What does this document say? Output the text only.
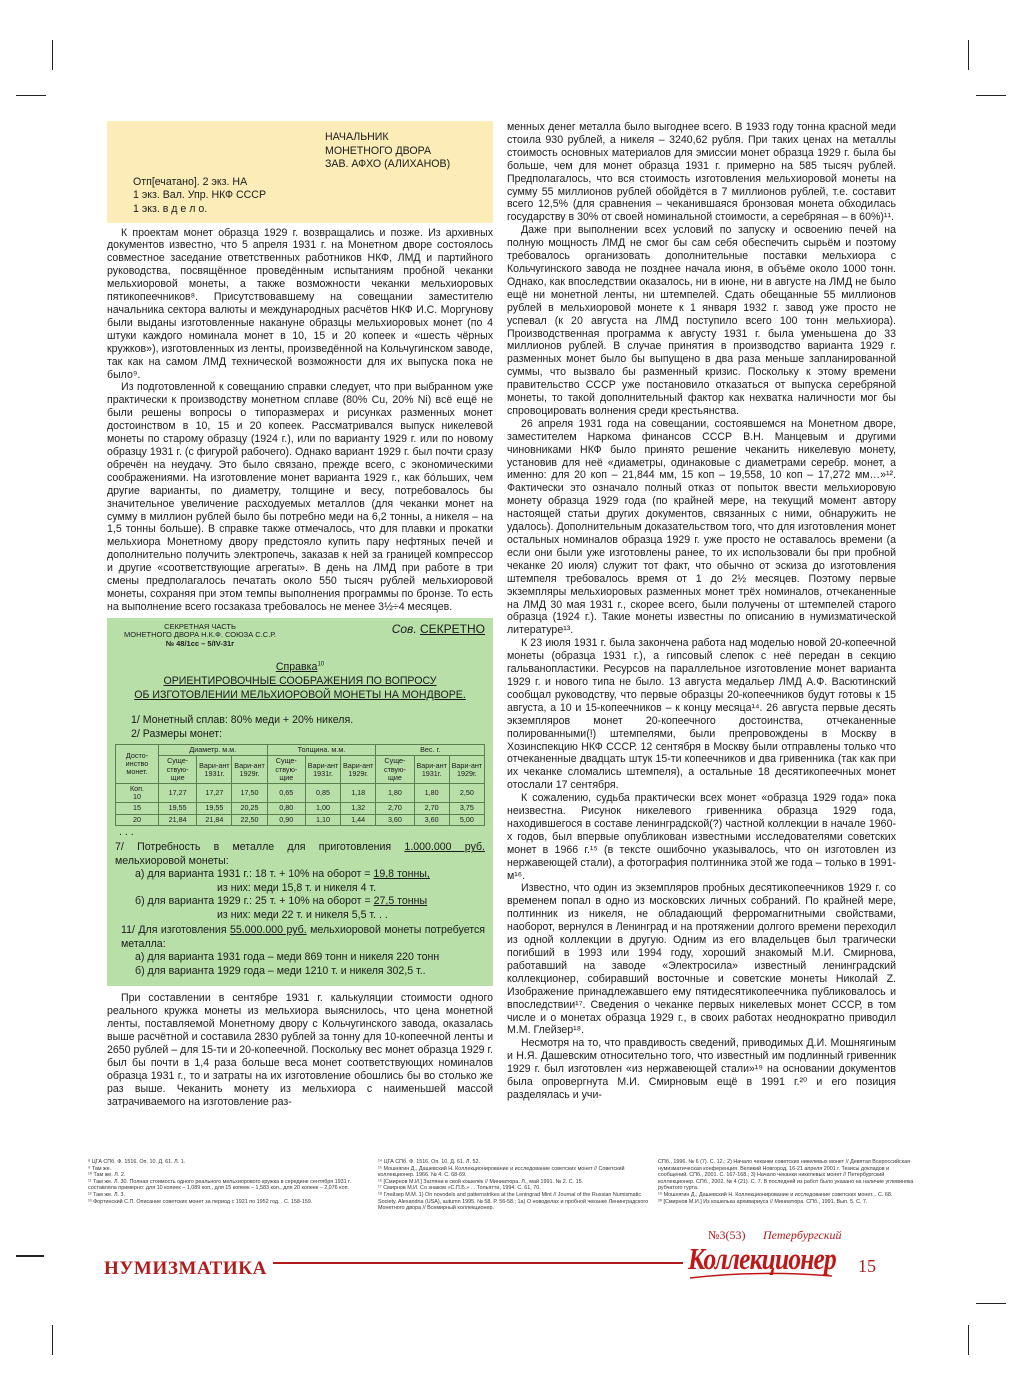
НАЧАЛЬНИК
МОНЕТНОГО ДВОРА
ЗАВ. АФХО (АЛИХАНОВ)
Отп[ечатано]. 2 экз. НА
1 экз. Вал. Упр. НКФ СССР
1 экз. в д е л о.

К проектам монет образца 1929 г. возвращались и позже. Из архивных документов известно, что 5 апреля 1931 г. на Монетном дворе состоялось совместное заседание ответственных работников НКФ, ЛМД и партийного руководства, посвящённое проведённым испытаниям пробной чеканки мельхиоровой монеты, а также возможности чеканки мельхиоровых пятикопеечников⁸. Присутствовавшему на совещании заместителю начальника сектора валюты и международных расчётов НКФ И.С. Моргунову были выданы изготовленные накануне образцы мельхиоровых монет (по 4 штуки каждого номинала монет в 10, 15 и 20 копеек и «шесть чёрных кружков»), изготовленных из ленты, произведённой на Кольчугинском заводе, так как на самом ЛМД технической возможности для их выпуска пока не было⁹.

Из подготовленной к совещанию справки следует, что при выбранном уже практически к производству монетном сплаве (80% Cu, 20% Ni) всё ещё не были решены вопросы о типоразмерах и рисунках разменных монет достоинством в 10, 15 и 20 копеек. Рассматривался выпуск никелевой монеты по старому образцу (1924 г.), или по варианту 1929 г. или по новому образцу 1931 г. (с фигурой рабочего). Однако вариант 1929 г. был почти сразу обречён на неудачу. Это было связано, прежде всего, с экономическими соображениями. На изготовление монет варианта 1929 г., как бо́льших, чем другие варианты, по диаметру, толщине и весу, потребовалось бы значительное увеличение расходуемых металлов (для чеканки монет на сумму в миллион рублей было бы потребно меди на 6,2 тонны, а никеля – на 1,5 тонны больше). В справке также отмечалось, что для плавки и прокатки мельхиора Монетному двору предстояло купить пару нефтяных печей и дополнительно получить электропечь, заказав к ней за границей компрессор и другие «соответствующие агрегаты». В день на ЛМД при работе в три смены предполагалось печатать около 550 тысяч рублей мельхиоровой монеты, сохраняя при этом темпы выполнения программы по бронзе. То есть на выполнение всего госзаказа требовалось не менее 3½÷4 месяцев.

СЕКРЕТНАЯ ЧАСТЬ
МОНЕТНОГО ДВОРА Н.К.Ф. СОЮЗА С.С.Р.
№ 48/1сс – 5/IV-31г
Сов. СЕКРЕТНО
Справка$^{10}$
ОРИЕНТИРОВОЧНЫЕ СООБРАЖЕНИЯ ПО ВОПРОСУ
ОБ ИЗГОТОВЛЕНИИ МЕЛЬХИОРОВОЙ МОНЕТЫ НА МОНДВОРЕ.
1/ Монетный сплав: 80% меди + 20% никеля.
2/ Размеры монет:
Досто-инство монет.	Диаметр. м.м.			Толщина. м.м.			Вес. г.		
	Суще-ствую-щие	Вари-ант 1931г.	Вари-ант 1929г.	Суще-ствую-щие	Вари-ант 1931г.	Вари-ант 1929г.	Суще-ствую-щие	Вари-ант 1931г.	Вари-ант 1929г.
Коп.
10	17,27	17,27	17,50	0,65	0,85	1,18	1,80	1,80	2,50
15	19,55	19,55	20,25	0,80	1,00	1,32	2,70	2,70	3,75
20	21,84	21,84	22,50	0,90	1,10	1,44	3,60	3,60	5,00
. . .
7/ Потребность в металле для приготовления 1.000.000 руб. мельхиоровой монеты:
а) для варианта 1931 г.: 18 т. + 10% на оборот = 19,8 тонны,
из них: меди 15,8 т. и никеля 4 т.
б) для варианта 1929 г.: 25 т. + 10% на оборот = 27,5 тонны
из них: меди 22 т. и никеля 5,5 т. . .
11/ Для изготовления 55.000.000 руб. мельхиоровой монеты потребуется металла:
а) для варианта 1931 года – меди 869 тонн и никеля 220 тонн
б) для варианта 1929 года – меди 1210 т. и никеля 302,5 т..

При составлении в сентябре 1931 г. калькуляции стоимости одного реального кружка монеты из мельхиора выяснилось, что цена монетной ленты, поставляемой Монетному двору с Кольчугинского завода, оказалась выше расчётной и составила 2830 рублей за тонну для 10-копеечной ленты и 2650 рублей – для 15-ти и 20-копеечной. Поскольку вес монет образца 1929 г. был бы почти в 1,4 раза больше веса монет соответствующих номиналов образца 1931 г., то и затраты на их изготовление обошлись бы во столько же раз выше. Чеканить монету из мельхиора с наименьшей массой затрачиваемого на изготовление раз-

менных денег металла было выгоднее всего. В 1933 году тонна красной меди стоила 930 рублей, а никеля – 3240,62 рубля. При таких ценах на металлы стоимость основных материалов для эмиссии монет образца 1929 г. была бы больше, чем для монет образца 1931 г. примерно на 585 тысяч рублей. Предполагалось, что вся стоимость изготовления мельхиоровой монеты на сумму 55 миллионов рублей обойдётся в 7 миллионов рублей, т.е. составит всего 12,5% (для сравнения – чеканившаяся бронзовая монета обходилась государству в 30% от своей номинальной стоимости, а серебряная – в 60%)¹¹.

Даже при выполнении всех условий по запуску и освоению печей на полную мощность ЛМД не смог бы сам себя обеспечить сырьём и поэтому требовалось организовать дополнительные поставки мельхиора с Кольчугинского завода не позднее начала июня, в объёме около 1000 тонн. Однако, как впоследствии оказалось, ни в июне, ни в августе на ЛМД не было ещё ни монетной ленты, ни штемпелей. Сдать обещанные 55 миллионов рублей в мельхиоровой монете к 1 января 1932 г. завод уже просто не успевал (к 20 августа на ЛМД поступило всего 100 тонн мельхиора). Производственная программа к августу 1931 г. была уменьшена до 33 миллионов рублей. В случае принятия в производство варианта 1929 г. разменных монет было бы выпущено в два раза меньше запланированной суммы, что вызвало бы разменный кризис. Поскольку к этому времени правительство СССР уже постановило отказаться от выпуска серебряной монеты, то такой дополнительный фактор как нехватка наличности мог бы спровоцировать волнения среди крестьянства.

26 апреля 1931 года на совещании, состоявшемся на Монетном дворе, заместителем Наркома финансов СССР В.Н. Манцевым и другими чиновниками НКФ было принято решение чеканить никелевую монету, установив для неё «диаметры, одинаковые с диаметрами серебр. монет, а именно: для 20 коп – 21,844 мм, 15 коп – 19,558, 10 коп – 17,272 мм…»¹². Фактически это означало полный отказ от попыток ввести мельхиоровую монету образца 1929 года (по крайней мере, на текущий момент автору настоящей статьи других документов, связанных с ними, обнаружить не удалось). Дополнительным доказательством того, что для изготовления монет остальных номиналов образца 1929 г. уже просто не оставалось времени (а если они были уже изготовлены ранее, то их использовали бы при пробной чеканке 20 июля) служит тот факт, что обычно от эскиза до изготовления штемпеля требовалось время от 1 до 2½ месяцев. Поэтому первые экземпляры мельхиоровых разменных монет трёх номиналов, отчеканенные на ЛМД 30 мая 1931 г., скорее всего, были получены от штемпелей старого образца (1924 г.). Такие монеты известны по описанию в нумизматической литературе¹³.

К 23 июля 1931 г. была закончена работа над моделью новой 20-копеечной монеты (образца 1931 г.), а гипсовый слепок с неё передан в секцию гальванопластики. Ресурсов на параллельное изготовление монет варианта 1929 г. и нового типа не было. 13 августа медальер ЛМД А.Ф. Васютинский сообщал руководству, что первые образцы 20-копеечников будут готовы к 15 августа, а 10 и 15-копеечников – к концу месяца¹⁴. 26 августа первые десять экземпляров монет 20-копеечного достоинства, отчеканенные полированными(!) штемпелями, были препровождены в Москву в Хозинспекцию НКФ СССР. 12 сентября в Москву были отправлены только что отчеканенные двадцать штук 15-ти копеечников и два гривенника (так как при их чеканке сломались штемпеля), а остальные 18 десятикопеечных монет отослали 17 сентября.

К сожалению, судьба практически всех монет «образца 1929 года» пока неизвестна. Рисунок никелевого гривенника образца 1929 года, находившегося в составе ленинградской(?) частной коллекции в начале 1960-х годов, был впервые опубликован известными исследователями советских монет в 1966 г.¹⁵ (в тексте ошибочно указывалось, что он изготовлен из нержавеющей стали), а фотография полтинника этой же года – только в 1991-м¹⁶.

Известно, что один из экземпляров пробных десятикопеечников 1929 г. со временем попал в одно из московских личных собраний. По крайней мере, полтинник из никеля, не обладающий ферромагнитными свойствами, наоборот, вернулся в Ленинград и на протяжении долгого времени переходил из одной коллекции в другую. Одним из его владельцев был трагически погибший в 1993 или 1994 году, хороший знакомый М.И. Смирнова, работавший на заводе «Электросила» известный ленинградский коллекционер, собиравший восточные и советские монеты Николай Z. Изображение принадлежавшего ему пятидесятикопеечника публиковалось и впоследствии¹⁷. Сведения о чеканке первых никелевых монет СССР, в том числе и о монетах образца 1929 г., в своих работах неоднократно приводил М.М. Глейзер¹⁸.

Несмотря на то, что правдивость сведений, приводимых Д.И. Мошнягиным и Н.Я. Дашевским относительно того, что известный им подлинный гривенник 1929 г. был изготовлен «из нержавеющей стали»¹⁹ на основании документов была опровергнута М.И. Смирновым ещё в 1991 г.²⁰ и его позиция разделялась и учи-

⁸ ЦГА СПб. Ф. 1516. Оп. 10. Д. 61. Л. 1.
⁹ Там же.
¹⁰ Там же. Л. 2.
¹¹ Там же. Л. 30. Полная стоимость одного реального мельхиорового кружка в середине сентября 1931 г. составляла примерно: для 10 копеек – 1,089 коп., для 15 копеек – 1,583 коп., для 20 копеек – 2,076 коп.
¹² Там же. Л. 3.
¹³ Фортинский С.П. Описание советских монет за период с 1921 по 1952 год. . С. 158-159.
¹⁴ ЦГА СПб. Ф. 1516. Оп. 10. Д. 61. Л. 52.
¹⁵ Мошнягин Д., Дашевский Н. Коллекционирование и исследование советских монет // Советский коллекционер. 1966. № 4. С. 68-69.
¹⁶ [Смирнов М.И.] Загляни в свой кошелёк // Миниатюра. Л., май 1991. № 2. С. 15.
¹⁷ Смирнов М.И. Со знаком «С.П.Б.» . . Тольятти, 1994. С. 61, 70.
¹⁸ Глейзер М.М. 1) On novodels and patternstrikes at the Leningrad Mint // Journal of the Russian Numismatic Society. Alexandria (USA), autumn 1995. № 58. P. 56-58.; 1a) О новоделах и пробной чеканке Ленинградского Монетного двора // Всемирный коллекционер.
СПб., 1996. № 6 (7). С. 12.; 2) Начало чеканки советских никелевых монет // Девятая Всероссийская нумизматическая конференция. Великий Новгород, 16-21 апреля 2001 г. Тезисы докладов и сообщений. СПб., 2001. С. 167-168.; 3) Начало чеканки никелевых монет // Петербургский коллекционер. СПб., 2002. № 4 (21). С. 7. В последней из работ было указано на наличие углевиняка рубчатого гурта.
¹⁹ Мошнягин Д., Дашевский Н. Коллекционирование и исследование советских монет... С. 68.
²⁰ [Смирнов М.И.] Из кошелька архивариуса // Миниатюра. СПб., 1991. Вып. 5. С. 7.
НУМИЗМАТИКА
№3(53) Петербургский
Коллекционер 15
